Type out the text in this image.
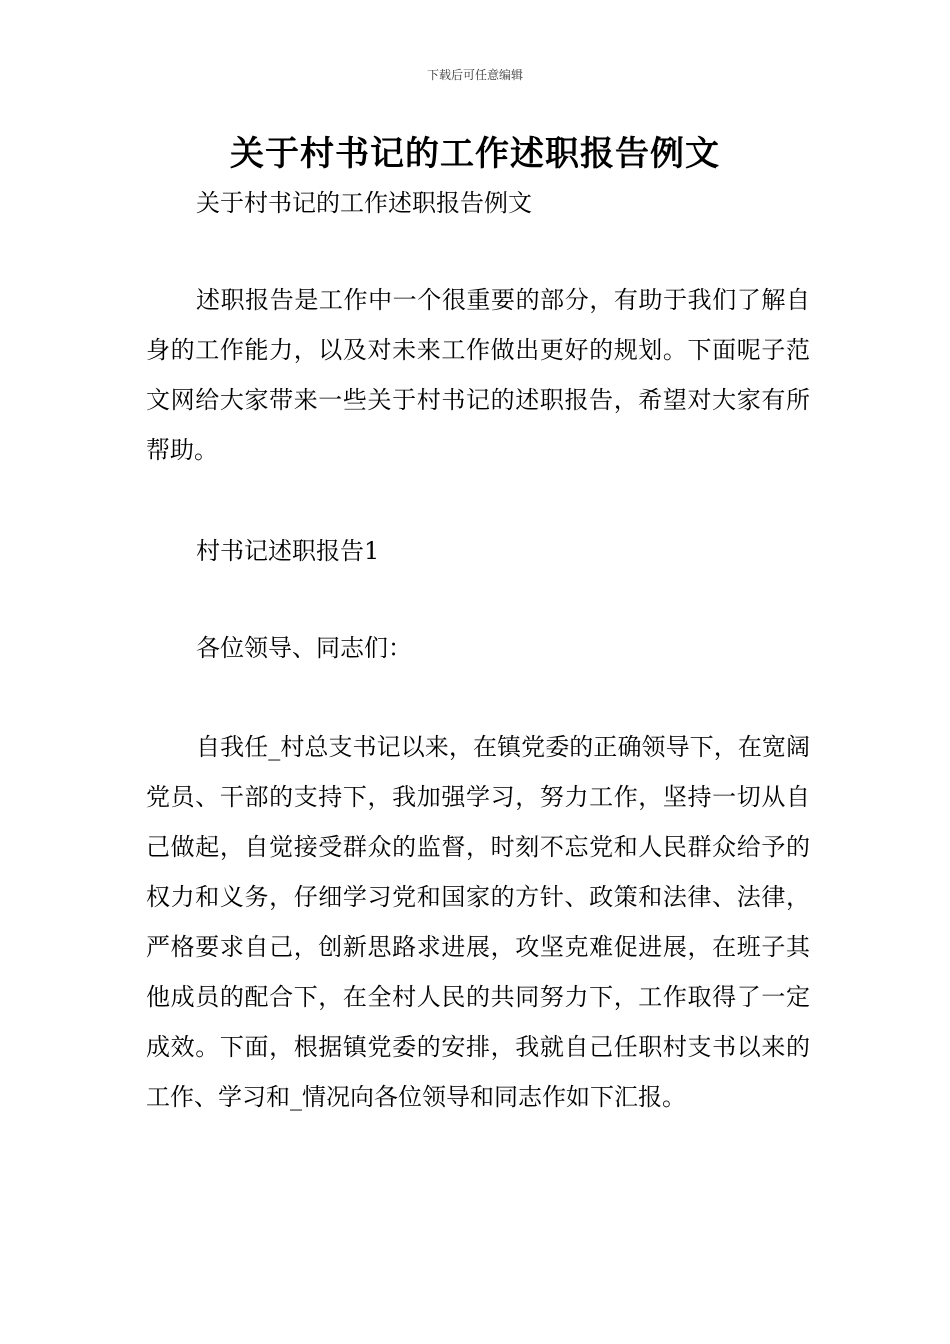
下载后可任意编辑
关于村书记的工作述职报告例文
关于村书记的工作述职报告例文

述职报告是工作中一个很重要的部分，有助于我们了解自身的工作能力，以及对未来工作做出更好的规划。下面呢子范文网给大家带来一些关于村书记的述职报告，希望对大家有所帮助。

村书记述职报告1

各位领导、同志们：

自我任_村总支书记以来，在镇党委的正确领导下，在宽阔党员、干部的支持下，我加强学习，努力工作，坚持一切从自己做起，自觉接受群众的监督，时刻不忘党和人民群众给予的权力和义务，仔细学习党和国家的方针、政策和法律、法律，严格要求自己，创新思路求进展，攻坚克难促进展，在班子其他成员的配合下，在全村人民的共同努力下，工作取得了一定成效。下面，根据镇党委的安排，我就自己任职村支书以来的工作、学习和_情况向各位领导和同志作如下汇报。
